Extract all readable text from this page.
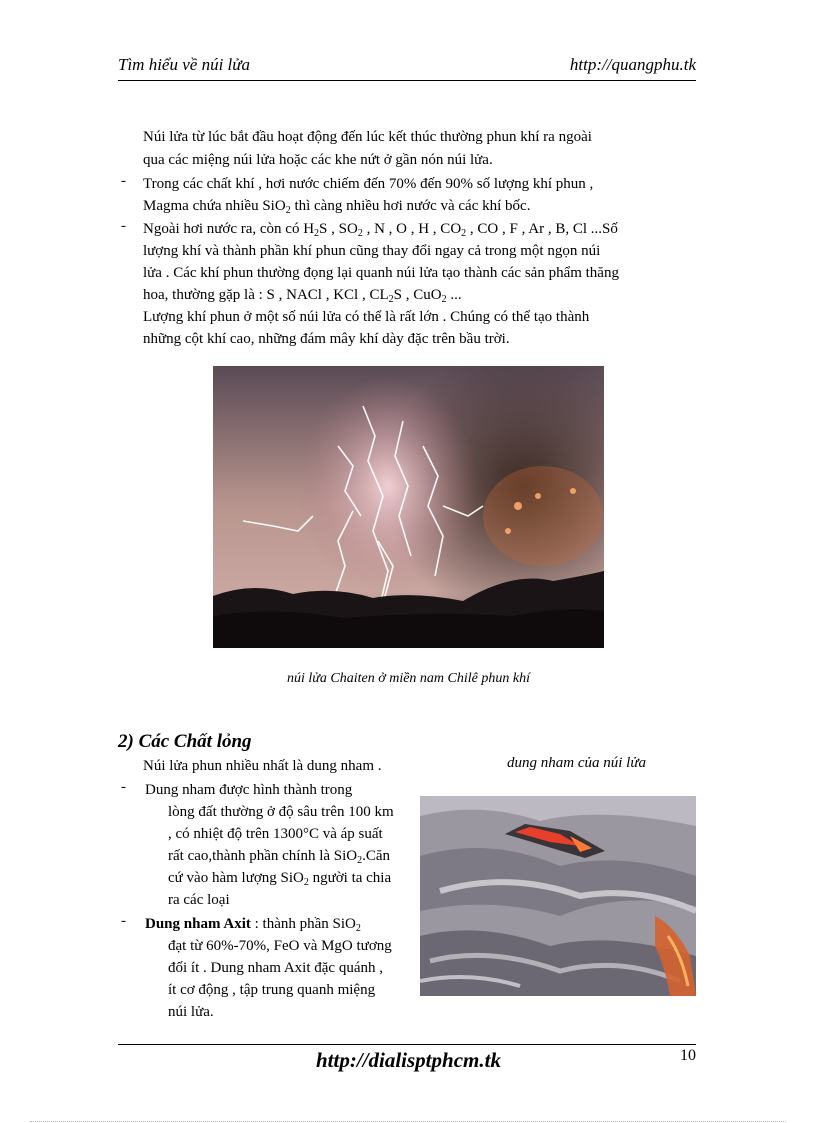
Tìm hiểu về núi lửa	http://quangphu.tk
Núi lửa từ lúc bắt đầu hoạt động đến lúc kết thúc thường phun khí ra ngoài
qua các miệng núi lửa hoặc các khe nứt ở gần nón núi lửa.
- Trong các chất khí , hơi nước chiếm đến 70% đến 90% số lượng khí phun ,
Magma chứa nhiều SiO$_2$ thì càng nhiều hơi nước và các khí bốc.
- Ngoài hơi nước ra, còn có $H_2S$ , $SO_2$ , N , O , H , $CO_2$ , CO , F , Ar , B, Cl ...Số
lượng khí và thành phần khí phun cũng thay đổi ngay cả trong một ngọn núi
lửa . Các khí phun thường đọng lại quanh núi lửa tạo thành các sản phẩm thăng
hoa, thường gặp là : S , NACl , KCl , $CL_2S$ , CuO$_2$ ...
Lượng khí phun ở một số núi lửa có thể là rất lớn . Chúng có thể tạo thành
những cột khí cao, những đám mây khí dày đặc trên bầu trời.
núi lửa Chaiten ở miền nam Chilê phun khí
2) Các Chất lỏng
Núi lửa phun nhiều nhất là dung nham .	dung nham của núi lửa
- Dung nham được hình thành trong
lòng đất thường ở độ sâu trên 100 km
, có nhiệt độ trên 1300°C và áp suất
rất cao,thành phần chính là SiO$_2$.Căn
cứ vào hàm lượng SiO$_2$ người ta chia
ra các loại
- Dung nham Axit : thành phần SiO$_2$
đạt từ 60%-70%, FeO và MgO tương
đối ít . Dung nham Axit đặc quánh ,
ít cơ động , tập trung quanh miệng
núi lửa.
http://dialisptphcm.tk	10
